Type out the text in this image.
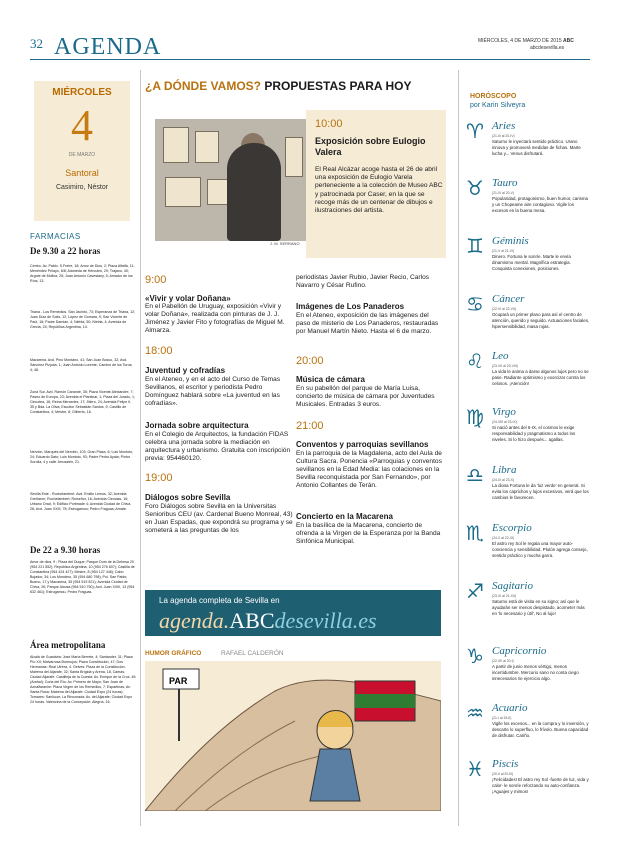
32 AGENDA	MIÉRCOLES, 4 DE MARZO DE 2015 ABC
abcdesevilla.es
MIÉRCOLES
4
DE MARZO
Santoral
Casimiro, Néstor
FARMACIAS
De 9.30 a 22 horas
Centro. Av. Pablo. S.Freire, 18; Amor de Dios, 2; Plaza Alfalfa, 11; Menéndez Pelayo, 6/8; Alameda de Hércules, 29; Trajano, 40; Argote de Molina, 25; Juan Antonio Cavestany, 5; Amador de los Ríos, 13.
Triana - Los Remedios. San Jacinto, 73; Esperanza de Triana, 12; Juan Díaz de Solís, 12; López de Gomara, 9; San Vicente de Paúl, 16; Padre Damián, 4; Niebla, 50; Niebla, 4; Avenida de Grecia, 24; República Argentina, 14.
Macarena. Avd. Pino Montano, 41; San Juan Bosco, 32; Avd. Sánchez Pizjuán, 1; Juan Antonio Lorente; Camino de los Toros; 4; 48.
Zona Sur. Avd. Ramón Carande, 35; Plaza Vicente Aleixandre, 7; Paseo de Europa, 23; Avenida el Plantinar, 1; Plaza del Jurado, 1; Cincotea, 16; Reina Mercedes, 17; Jiliero, 24; Avenida Felipe II, 35 y Bda. La Oliva; Escultor Sebastián Santos, 9; Castillo de Constantina, 4; Mestre, 8; Gilberto, 16.
Nervión. Marqués del Nervión, 103; Gran Plaza, 6; Luis Montoto, 24; Eduardo Dato; Luis Montoto, 93; Padre Pedro Ayala; Pintor Sorolla, 4 y calle Jerusalén, 21.
Sevilla Este - Rochelambert. Avd. Emilio Lemos, 32; Avenida Greñaron; Rochelambert; Ruiseñor, 16; Avenida Ciencias, 16; Urbano Orad, 9; Edificio Portmade 4; Avenida Ciudad de Chiva, 26; Avd. Juan XXIII, 78; Estrugamou; Pedro Fraguas; Amate.
De 22 a 9.30 horas
Amor de dios, 9 ; Plaza del Duque; Parque Dom de la Dehesa 20 (954 221 552); República Argentina, 10 (954 276 607); Castilla de Constantina (954 424 427); Mestre, 8 (954 127 446); Cabo Bojador, 34; Los Mondero, 35 (954 680 798); Pol. San Pablo; Bueno, 17 y Macarena, 35 (954 519 521); Avenida Ciudad de Chiva, 26; Parque Alcosa (954 510 750); Avd. Juan XXIII, 13 (954 632 461); Estrugamou, Pedro Fraguas.
Área metropolitana
Alcalá de Guadaíra: José María Berrete, 4; Santander, 31; Plaza Pío XII; Malvarrosa Bormujos; Plaza Constitución, 47; Dos Hermanas: Real Utrera, 4. Gelves: Plaza de la Constitución. Mairena del Aljarafe, 32; Santa Brígida y Arena, 18, Camas; Ciudad Aljarafe. Castilleja de la Cuesta: Av. Enrique de la Cruz, 46 (Arahal); Coria del Río: Av. Primero de Mayo; San Juan de Aznalfarache: Plaza Virgen de los Remedios, 7; Espartinas: Av. Santa Rosa; Mairena del Aljarafe: Ciudad Expo (24 horas); Tomares: Sanlúcar; La Rinconada: Av. del Aljarafe; Ciudad Expo 24 horas. Valencina de la Concepción: Alegría, 16.
¿A DÓNDE VAMOS? PROPUESTAS PARA HOY
J. M. SERRANO
10:00
Exposición sobre Eulogio Valera
El Real Alcázar acoge hasta el 26 de abril una exposición de Eulogio Varela perteneciente a la colección de Museo ABC y patrocinada por Caser, en la que se recoge más de un centenar de dibujos e ilustraciones del artista.
9:00
«Vivir y volar Doñana»
En el Pabellón de Uruguay, exposición «Vivir y volar Doñana», realizada con pinturas de J. J. Jiménez y Javier Fito y fotografías de Miguel M. Almarza.
18:00
Juventud y cofradías
En el Ateneo, y en el acto del Curso de Temas Sevillanos, el escritor y periodista Pedro Domínguez hablará sobre «La juventud en las cofradías».
Jornada sobre arquitectura
En el Colegio de Arquitectos, la fundación FIDAS celebra una jornada sobre la mediación en arquitectura y urbanismo. Gratuita con inscripción previa: 954460120.
19:00
Diálogos sobre Sevilla
Foro Diálogos sobre Sevilla en la Universitas Senioribus CEU (av. Cardenal Bueno Monreal, 43) en Juan Espadas, que expondrá su programa y se someterá a las preguntas de los
periodistas Javier Rubio, Javier Recio, Carlos Navarro y César Rufino.
Imágenes de Los Panaderos
En el Ateneo, exposición de las imágenes del paso de misterio de Los Panaderos, restauradas por Manuel Martín Nieto. Hasta el 6 de marzo.
20:00
Música de cámara
En su pabellón del parque de María Luisa, concierto de música de cámara por Juventudes Musicales. Entradas 3 euros.
21:00
Conventos y parroquias sevillanos
En la parroquia de la Magdalena, acto del Aula de Cultura Sacra. Ponencia «Parroquias y conventos sevillanos en la Edad Media: las colaciones en la Sevilla reconquistada por San Fernando», por Antonio Collantes de Terán.
Concierto en la Macarena
En la basílica de la Macarena, concierto de ofrenda a la Virgen de la Esperanza por la Banda Sinfónica Municipal.
La agenda completa de Sevilla en
agenda.ABCdesevilla.es
HUMOR GRÁFICO	RAFAEL CALDERÓN
PAR
HORÓSCOPO
por Karin Silveyra
♈ Aries
(21-III al 20-IV)
Saturno le inyectará sentido práctico. Urano innova y promoverá medidas de fichas. Marte lucha y... Venus disfrutará.
♉ Tauro
(21-IV al 20-V)
Popularidad, protagonismo, buen humor, carisma y un Chopeame aire contagioso. Vigile los excesos en la buena mesa.
♊ Géminis
(21-V al 21-VI)
Dinero. Fortuna le sonríe. Marte le envía dinamismo mental. Magnífica estrategia. Conquista conexiones, posiciones.
♋ Cáncer
(22-VI al 22-VII)
Ocupará un primer plano para así el centro de atención, querido y seguido. Actuaciones faciales, hipersensibilidad, masa rojas.
♌ Leo
(23-VII al 23-VIII)
La vida le anima a darse algunos lujos pero no se pase. Radiante optimismo y exorcizar contra los celosos. ¡Atención!
♍ Virgo
(24-VIII al 23-IX)
Si nació antes del 6-IX, el cosmos le exige responsabilidad y pragmatismo a todos los niveles. Si lo hizo después... agallas.
♎ Libra
(24-IX al 23-X)
La diosa Fortuna le da 'luz verde' en general. Si evita los caprichos y lujos excesivos, verá que los cambios le favorecen.
♏ Escorpio
(24-X al 22-XI)
El astro rey Sol le regala una mayor auto-conciencia y sensibilidad. Plutón agrega consejo, sentido práctico y mucha garra.
♐ Sagitario
(23-XI al 21-XII)
Saturno está de visita en su signo; así que le ayudarán ser menos despistado, acometer más en 'lo necesario y útil', No al lujo!
♑ Capricornio
(22-XII al 20-I)
A partir de junio menos vértigo, menos incertidumbre. Mercurio sano no conta ciego innecesarios rie ejercicio algo.
♒ Acuario
(21-I al 19-II)
Vigile los excesos... en la compra y lo inversión, y descarte lo superfluo, lo frívolo. Buena capacidad de disfrutar. Cariño.
♓ Piscis
(20-II al 20-III)
¡Felicidades! El astro rey Sol -fuerte de luz, vida y calor- le sonríe reforzando su auto-confianza. ¡Aguajes y mimos!
